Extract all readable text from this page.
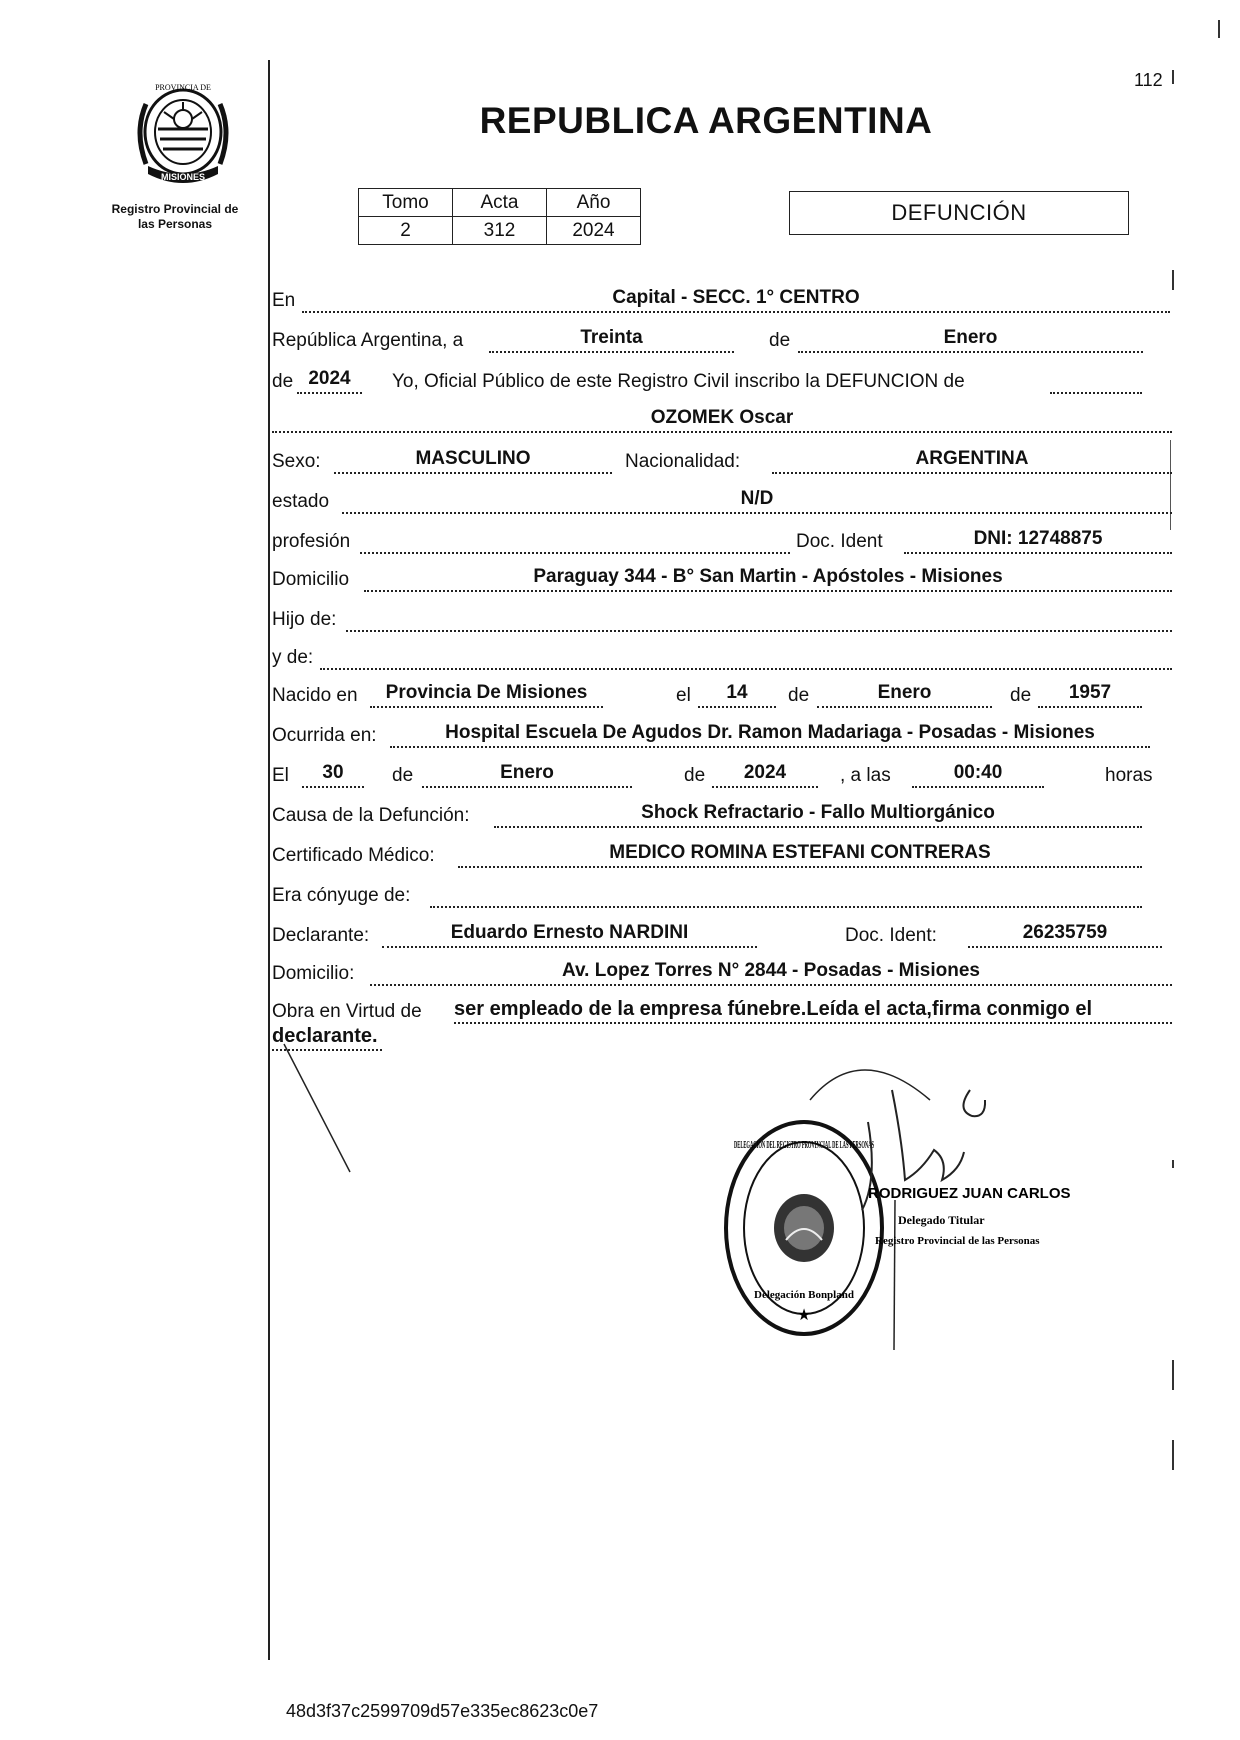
112
REPUBLICA ARGENTINA
PROVINCIA DE
MISIONES
Registro Provincial de
las Personas
Tomo	Acta	Año
2	312	2024
DEFUNCIÓN
En	Capital - SECC. 1° CENTRO
República Argentina, a	Treinta	de	Enero
de 2024	Yo, Oficial Público de este Registro Civil inscribo la DEFUNCION de
OZOMEK Oscar
Sexo:	MASCULINO	Nacionalidad:	ARGENTINA
estado	N/D
profesión	Doc. Ident	DNI: 12748875
Domicilio	Paraguay 344 - B° San Martin - Apóstoles - Misiones
Hijo de:
y de:
Nacido en	Provincia De Misiones	el	14	de	Enero	de	1957
Ocurrida en:	Hospital Escuela De Agudos Dr. Ramon Madariaga - Posadas - Misiones
El	30	de	Enero	de	2024	, a las	00:40	horas
Causa de la Defunción:	Shock Refractario - Fallo Multiorgánico
Certificado Médico:	MEDICO ROMINA ESTEFANI CONTRERAS
Era cónyuge de:
Declarante:	Eduardo Ernesto NARDINI	Doc. Ident:	26235759
Domicilio:	Av. Lopez Torres N° 2844 - Posadas - Misiones
Obra en Virtud de ser empleado de la empresa fúnebre.Leída el acta,firma conmigo el
declarante.
DELEGACION DEL REGISTRO PROVINCIAL DE LAS PERSONAS
Delegación Bonpland
★
RODRIGUEZ JUAN CARLOS
Delegado Titular
Registro Provincial de las Personas
48d3f37c2599709d57e335ec8623c0e7
